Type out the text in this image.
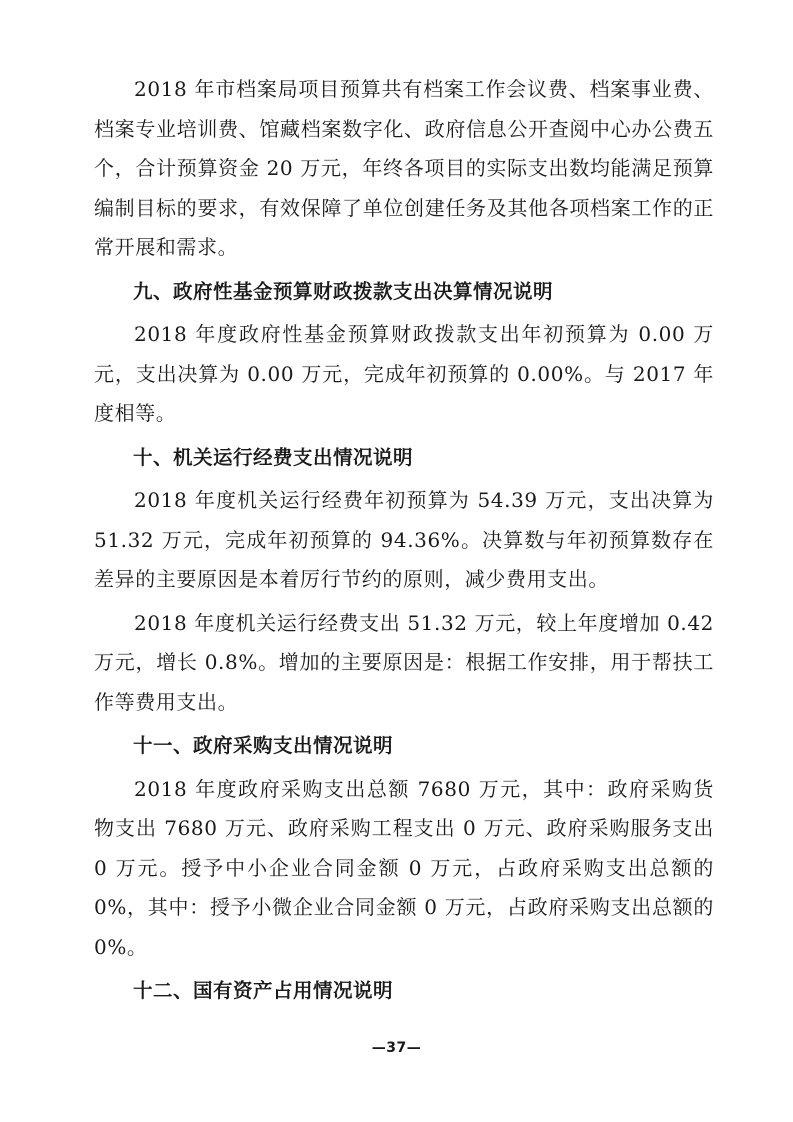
2018 年市档案局项目预算共有档案工作会议费、档案事业费、档案专业培训费、馆藏档案数字化、政府信息公开查阅中心办公费五个，合计预算资金 20 万元，年终各项目的实际支出数均能满足预算编制目标的要求，有效保障了单位创建任务及其他各项档案工作的正常开展和需求。

九、政府性基金预算财政拨款支出决算情况说明

2018 年度政府性基金预算财政拨款支出年初预算为 0.00 万元，支出决算为 0.00 万元，完成年初预算的 0.00%。与 2017 年度相等。

十、机关运行经费支出情况说明

2018 年度机关运行经费年初预算为 54.39 万元，支出决算为 51.32 万元，完成年初预算的 94.36%。决算数与年初预算数存在差异的主要原因是本着厉行节约的原则，减少费用支出。

2018 年度机关运行经费支出 51.32 万元，较上年度增加 0.42 万元，增长 0.8%。增加的主要原因是：根据工作安排，用于帮扶工作等费用支出。

十一、政府采购支出情况说明

2018 年度政府采购支出总额 7680 万元，其中：政府采购货物支出 7680 万元、政府采购工程支出 0 万元、政府采购服务支出 0 万元。授予中小企业合同金额 0 万元，占政府采购支出总额的 0%，其中：授予小微企业合同金额 0 万元，占政府采购支出总额的 0%。

十二、国有资产占用情况说明

—37—
